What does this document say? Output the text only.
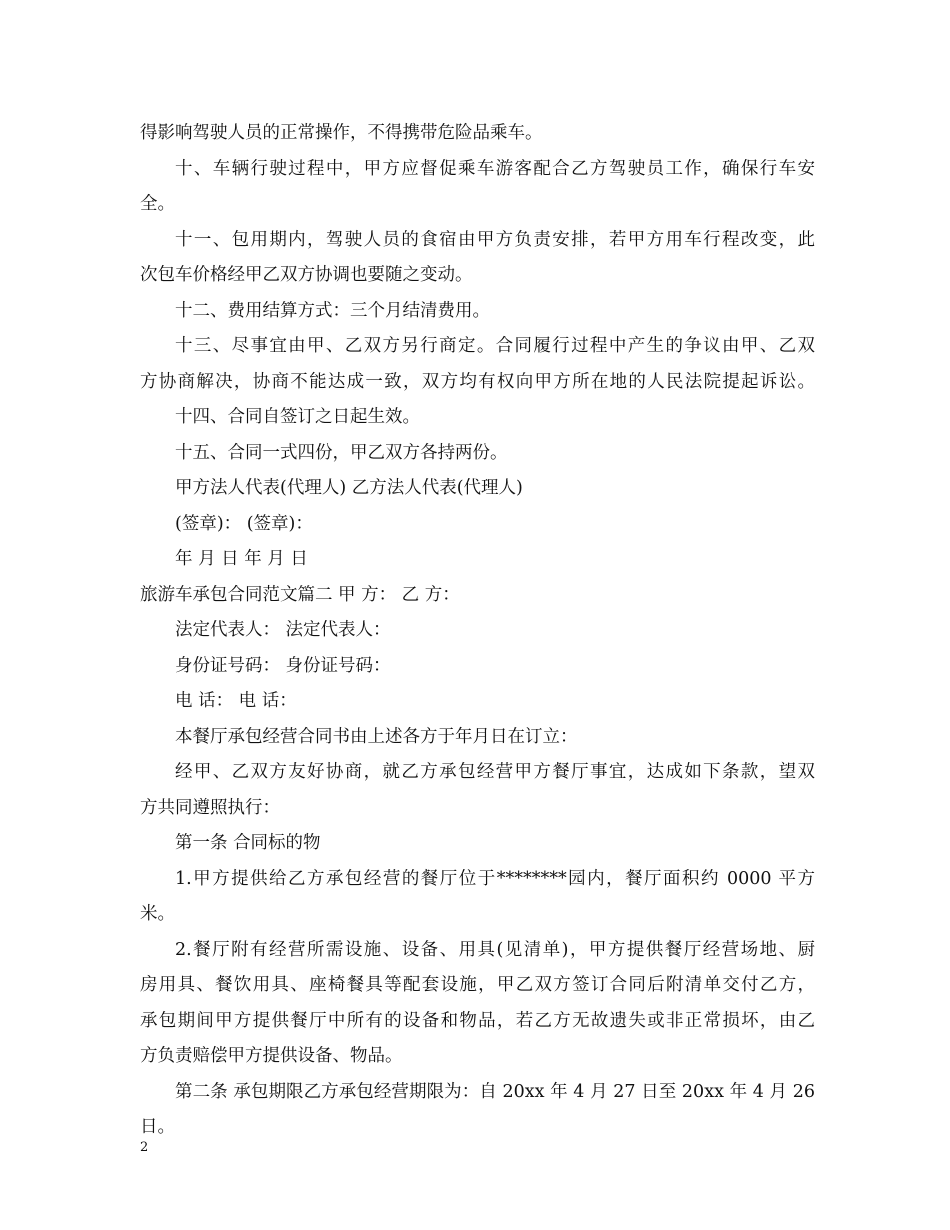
得影响驾驶人员的正常操作，不得携带危险品乘车。
十、车辆行驶过程中，甲方应督促乘车游客配合乙方驾驶员工作，确保行车安
全。
十一、包用期内，驾驶人员的食宿由甲方负责安排，若甲方用车行程改变，此
次包车价格经甲乙双方协调也要随之变动。
十二、费用结算方式：三个月结清费用。
十三、尽事宜由甲、乙双方另行商定。合同履行过程中产生的争议由甲、乙双
方协商解决，协商不能达成一致，双方均有权向甲方所在地的人民法院提起诉讼。
十四、合同自签订之日起生效。
十五、合同一式四份，甲乙双方各持两份。
甲方法人代表(代理人) 乙方法人代表(代理人)
(签章)： (签章)：
年 月 日 年 月 日
旅游车承包合同范文篇二 甲 方： 乙 方：
法定代表人： 法定代表人：
身份证号码： 身份证号码：
电 话： 电 话：
本餐厅承包经营合同书由上述各方于年月日在订立：
经甲、乙双方友好协商，就乙方承包经营甲方餐厅事宜，达成如下条款，望双
方共同遵照执行：
第一条 合同标的物
1.甲方提供给乙方承包经营的餐厅位于********园内，餐厅面积约 0000 平方
米。
2.餐厅附有经营所需设施、设备、用具(见清单)，甲方提供餐厅经营场地、厨
房用具、餐饮用具、座椅餐具等配套设施，甲乙双方签订合同后附清单交付乙方，
承包期间甲方提供餐厅中所有的设备和物品，若乙方无故遗失或非正常损坏，由乙
方负责赔偿甲方提供设备、物品。
第二条 承包期限乙方承包经营期限为：自 20xx 年 4 月 27 日至 20xx 年 4 月 26
日。
2
